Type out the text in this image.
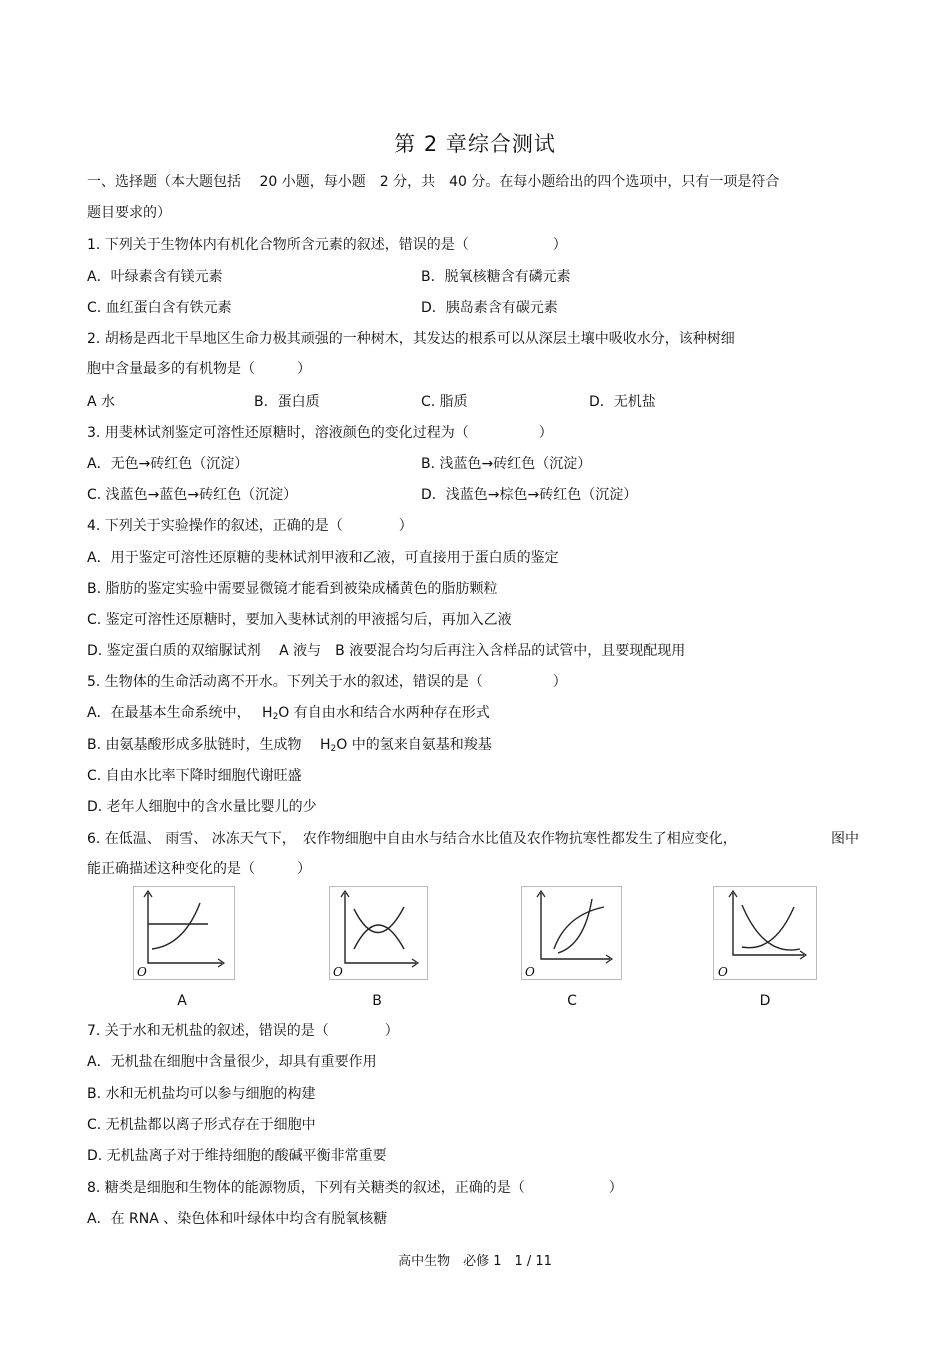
第 2 章综合测试
一、选择题（本大题包括　 20 小题，每小题　2 分，共　40 分。在每小题给出的四个选项中，只有一项是符合
题目要求的）
1. 下列关于生物体内有机化合物所含元素的叙述，错误的是（　　　　　　）
A．叶绿素含有镁元素	B．脱氧核糖含有磷元素
C. 血红蛋白含有铁元素	D．胰岛素含有碳元素
2. 胡杨是西北干旱地区生命力极其顽强的一种树木，其发达的根系可以从深层土壤中吸收水分，该种树细
胞中含量最多的有机物是（　　　）
A 水	B．蛋白质	C. 脂质	D．无机盐
3. 用斐林试剂鉴定可溶性还原糖时，溶液颜色的变化过程为（　　　　　）
A．无色→砖红色（沉淀）	B. 浅蓝色→砖红色（沉淀）
C. 浅蓝色→蓝色→砖红色（沉淀）	D．浅蓝色→棕色→砖红色（沉淀）
4. 下列关于实验操作的叙述，正确的是（　　　　）
A．用于鉴定可溶性还原糖的斐林试剂甲液和乙液，可直接用于蛋白质的鉴定
B. 脂肪的鉴定实验中需要显微镜才能看到被染成橘黄色的脂肪颗粒
C. 鉴定可溶性还原糖时，要加入斐林试剂的甲液摇匀后，再加入乙液
D. 鉴定蛋白质的双缩脲试剂　 A 液与　B 液要混合均匀后再注入含样品的试管中，且要现配现用
5. 生物体的生命活动离不开水。下列关于水的叙述，错误的是（　　　　　）
A．在最基本生命系统中，　 $H_2O$ 有自由水和结合水两种存在形式
B. 由氨基酸形成多肽链时，生成物　 $H_2O$ 中的氢来自氨基和羧基
C. 自由水比率下降时细胞代谢旺盛
D. 老年人细胞中的含水量比婴儿的少
6. 在低温、 雨雪、 冰冻天气下，　农作物细胞中自由水与结合水比值及农作物抗寒性都发生了相应变化，	图中
能正确描述这种变化的是（　　　）
O	O	O	O
A	B	C	D
7. 关于水和无机盐的叙述，错误的是（　　　　）
A．无机盐在细胞中含量很少，却具有重要作用
B. 水和无机盐均可以参与细胞的构建
C. 无机盐都以离子形式存在于细胞中
D. 无机盐离子对于维持细胞的酸碱平衡非常重要
8. 糖类是细胞和生物体的能源物质，下列有关糖类的叙述，正确的是（　　　　　　）
A．在 RNA 、染色体和叶绿体中均含有脱氧核糖
高中生物　必修 1　1 / 11
